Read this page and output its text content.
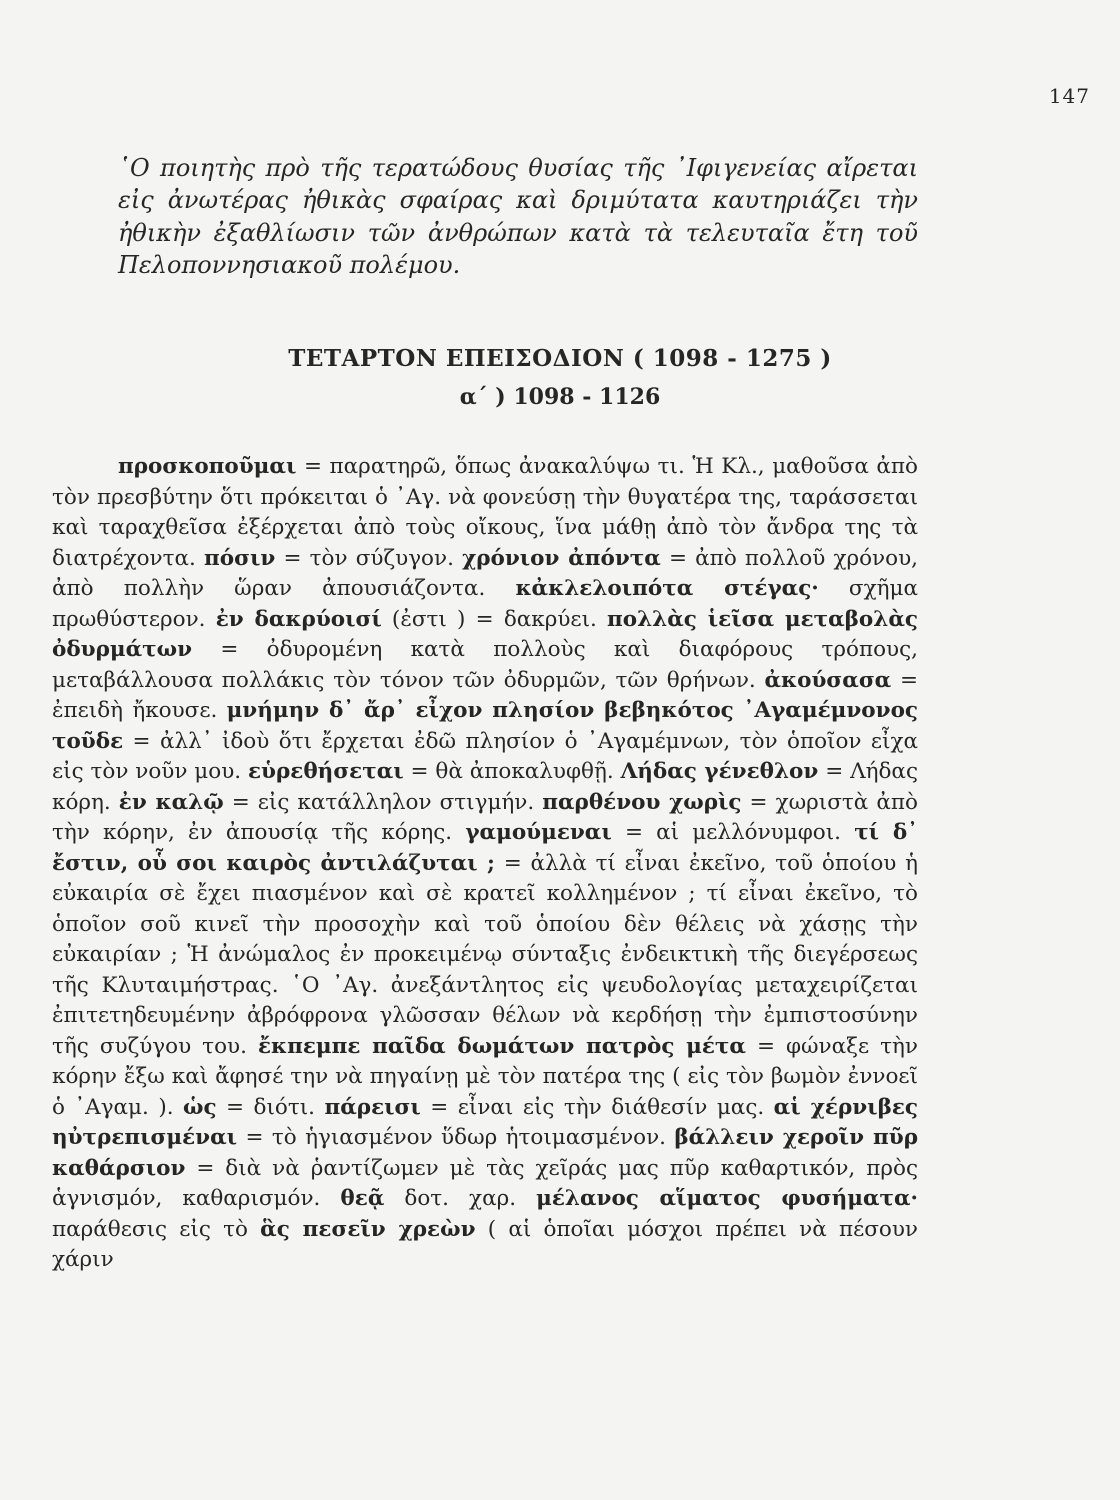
147
῾Ο ποιητὴς πρὸ τῆς τερατώδους θυσίας τῆς ᾿Ιφιγενείας αἴρεται εἰς ἀνωτέρας ἠθικὰς σφαίρας καὶ δριμύτατα καυτηριάζει τὴν ἠθικὴν ἐξαθλίωσιν τῶν ἀνθρώπων κατὰ τὰ τελευταῖα ἔτη τοῦ Πελοποννησιακοῦ πολέμου.
ΤΕΤΑΡΤΟΝ ΕΠΕΙΣΟΔΙΟΝ ( 1098 - 1275 )
α΄ ) 1098 - 1126
προσκοποῦμαι = παρατηρῶ, ὅπως ἀνακαλύψω τι. Ἡ Κλ., μαθοῦσα ἀπὸ τὸν πρεσβύτην ὅτι πρόκειται ὁ ᾿Αγ. νὰ φονεύσῃ τὴν θυγατέρα της, ταράσσεται καὶ ταραχθεῖσα ἐξέρχεται ἀπὸ τοὺς οἴκους, ἵνα μάθῃ ἀπὸ τὸν ἄνδρα της τὰ διατρέχοντα. πόσιν = τὸν σύζυγον. χρόνιον ἀπόντα = ἀπὸ πολλοῦ χρόνου, ἀπὸ πολλὴν ὥραν ἀπουσιάζοντα. κἀκλελοιπότα στέγας· σχῆμα πρωθύστερον. ἐν δακρύοισί (ἐστι ) = δακρύει. πολλὰς ἱεῖσα μεταβολὰς ὀδυρμάτων = ὀδυρομένη κατὰ πολλοὺς καὶ διαφόρους τρόπους, μεταβάλλουσα πολλάκις τὸν τόνον τῶν ὀδυρμῶν, τῶν θρήνων. ἀκούσασα = ἐπειδὴ ἤκουσε. μνήμην δ᾿ ἄρ᾿ εἶχον πλησίον βεβηκότος ᾿Αγαμέμνονος τοῦδε = ἀλλ᾿ ἰδοὺ ὅτι ἔρχεται ἐδῶ πλησίον ὁ ᾿Αγαμέμνων, τὸν ὁποῖον εἶχα εἰς τὸν νοῦν μου. εὑρεθήσεται = θὰ ἀποκαλυφθῇ. Λήδας γένεθλον = Λήδας κόρη. ἐν καλῷ = εἰς κατάλληλον στιγμήν. παρθένου χωρὶς = χωριστὰ ἀπὸ τὴν κόρην, ἐν ἀπουσίᾳ τῆς κόρης. γαμούμεναι = αἱ μελλόνυμφοι. τί δ᾿ ἔστιν, οὗ σοι καιρὸς ἀντιλάζυται ; = ἀλλὰ τί εἶναι ἐκεῖνο, τοῦ ὁποίου ἡ εὐκαιρία σὲ ἔχει πιασμένον καὶ σὲ κρατεῖ κολλημένον ; τί εἶναι ἐκεῖνο, τὸ ὁποῖον σοῦ κινεῖ τὴν προσοχὴν καὶ τοῦ ὁποίου δὲν θέλεις νὰ χάσῃς τὴν εὐκαιρίαν ; Ἡ ἀνώμαλος ἐν προκειμένῳ σύνταξις ἐνδεικτικὴ τῆς διεγέρσεως τῆς Κλυταιμήστρας. ῾Ο ᾿Αγ. ἀνεξάντλητος εἰς ψευδολογίας μεταχειρίζεται ἐπιτετηδευμένην ἀβρόφρονα γλῶσσαν θέλων νὰ κερδήσῃ τὴν ἐμπιστοσύνην τῆς συζύγου του. ἔκπεμπε παῖδα δωμάτων πατρὸς μέτα = φώναξε τὴν κόρην ἔξω καὶ ἄφησέ την νὰ πηγαίνῃ μὲ τὸν πατέρα της ( εἰς τὸν βωμὸν ἐννοεῖ ὁ ᾿Αγαμ. ). ὡς = διότι. πάρεισι = εἶναι εἰς τὴν διάθεσίν μας. αἱ χέρνιβες ηὐτρεπισμέναι = τὸ ἡγιασμένον ὕδωρ ἡτοιμασμένον. βάλλειν χεροῖν πῦρ καθάρσιον = διὰ νὰ ῥαντίζωμεν μὲ τὰς χεῖράς μας πῦρ καθαρτικόν, πρὸς ἁγνισμόν, καθαρισμόν. θεᾷ δοτ. χαρ. μέλανος αἵματος φυσήματα· παράθεσις εἰς τὸ ἃς πεσεῖν χρεὼν ( αἱ ὁποῖαι μόσχοι πρέπει νὰ πέσουν χάριν
